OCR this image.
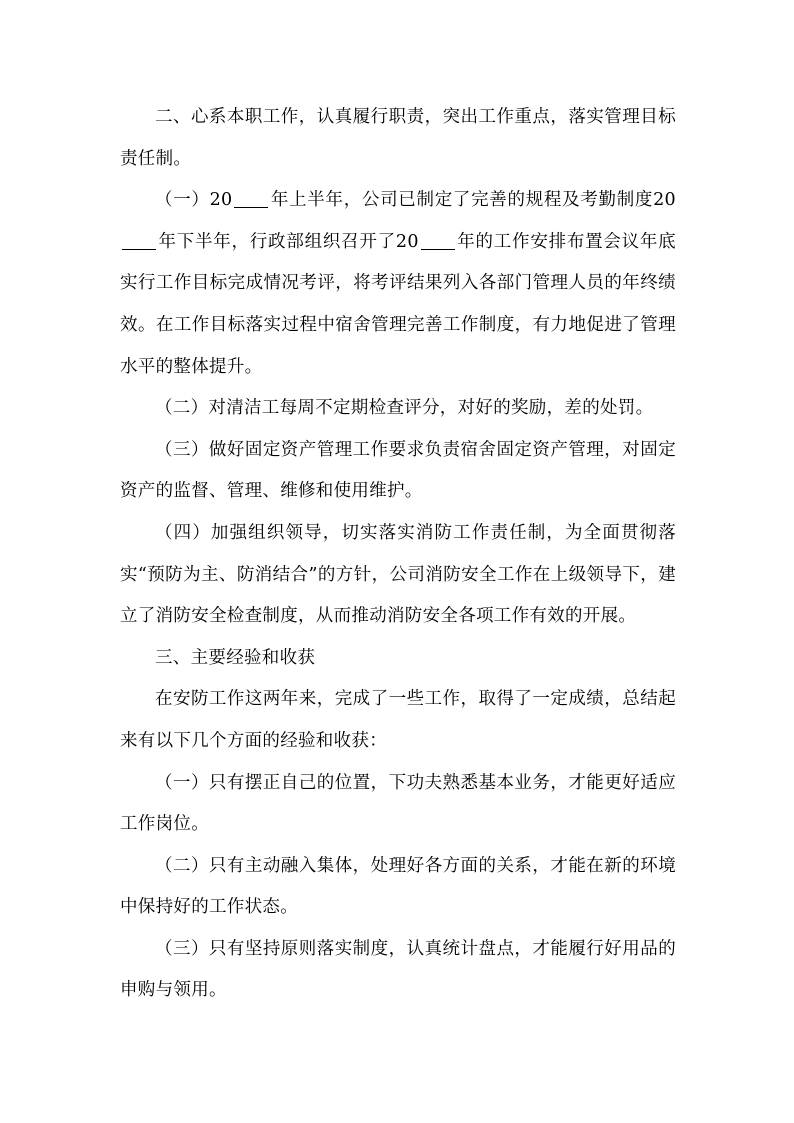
二、心系本职工作，认真履行职责，突出工作重点，落实管理目标责任制。

（一）20 年上半年，公司已制定了完善的规程及考勤制度20年下半年，行政部组织召开了20 年的工作安排布置会议年底实行工作目标完成情况考评，将考评结果列入各部门管理人员的年终绩效。在工作目标落实过程中宿舍管理完善工作制度，有力地促进了管理水平的整体提升。

（二）对清洁工每周不定期检查评分，对好的奖励，差的处罚。

（三）做好固定资产管理工作要求负责宿舍固定资产管理，对固定资产的监督、管理、维修和使用维护。

（四）加强组织领导，切实落实消防工作责任制，为全面贯彻落实“预防为主、防消结合”的方针，公司消防安全工作在上级领导下，建立了消防安全检查制度，从而推动消防安全各项工作有效的开展。

三、主要经验和收获

在安防工作这两年来，完成了一些工作，取得了一定成绩，总结起来有以下几个方面的经验和收获：

（一）只有摆正自己的位置，下功夫熟悉基本业务，才能更好适应工作岗位。

（二）只有主动融入集体，处理好各方面的关系，才能在新的环境中保持好的工作状态。

（三）只有坚持原则落实制度，认真统计盘点，才能履行好用品的申购与领用。
